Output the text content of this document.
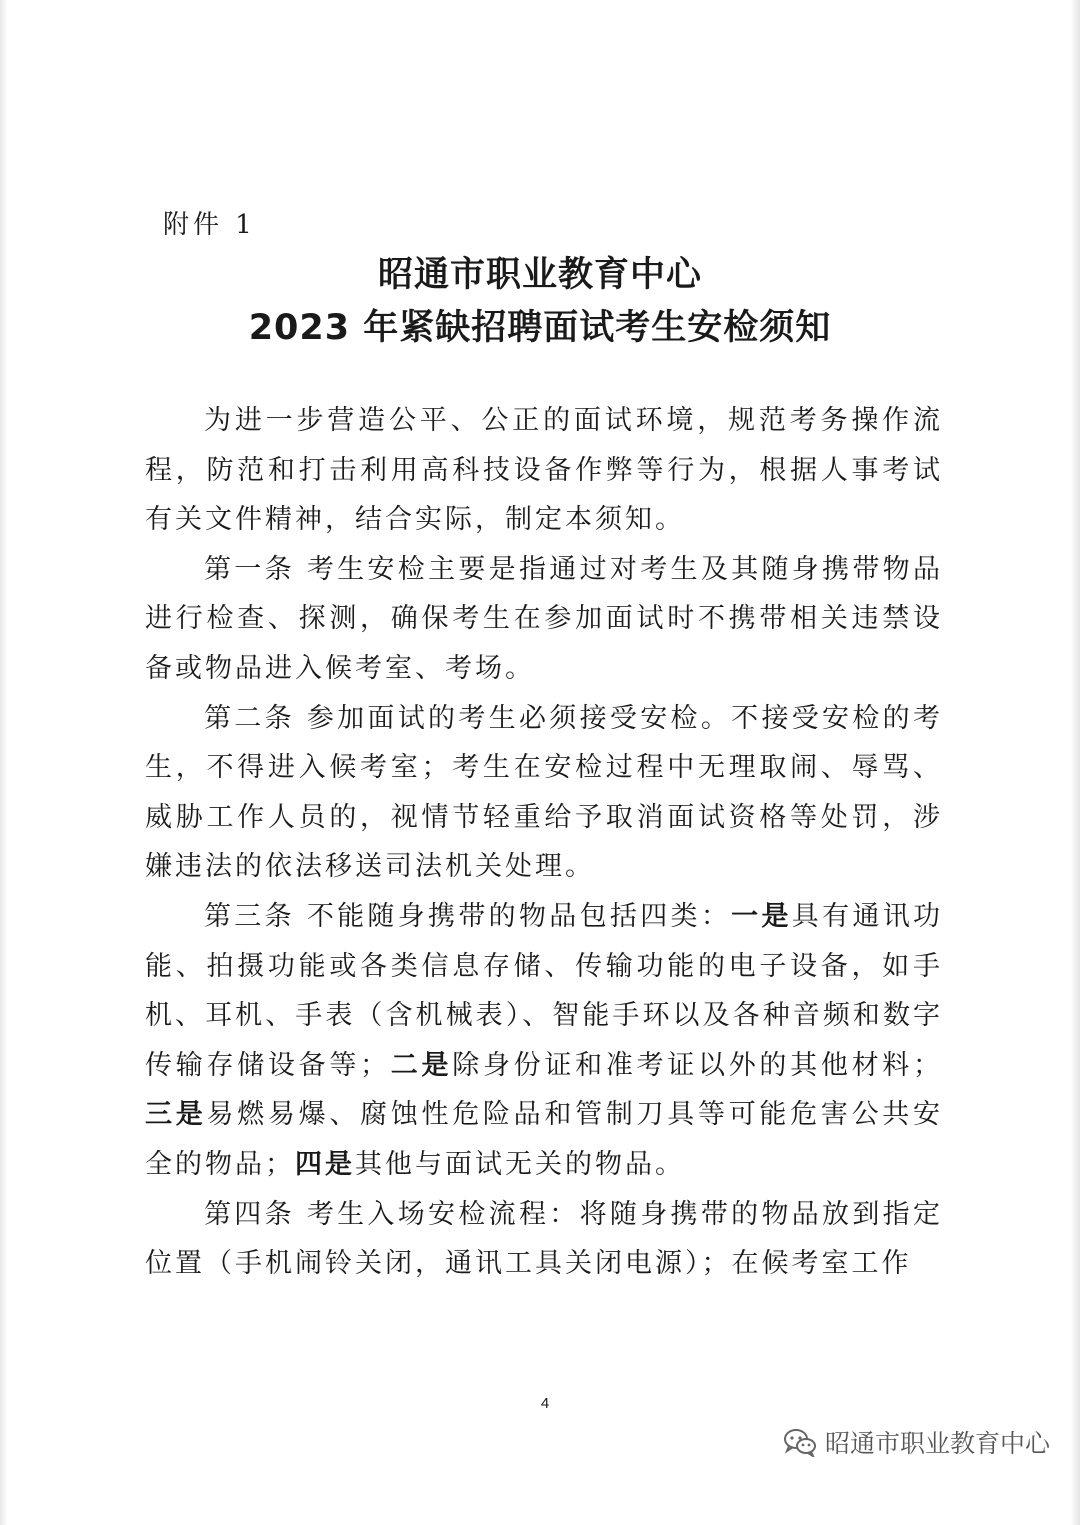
附件 1
昭通市职业教育中心
2023 年紧缺招聘面试考生安检须知

为进一步营造公平、公正的面试环境，规范考务操作流程，防范和打击利用高科技设备作弊等行为，根据人事考试有关文件精神，结合实际，制定本须知。

第一条 考生安检主要是指通过对考生及其随身携带物品进行检查、探测，确保考生在参加面试时不携带相关违禁设备或物品进入候考室、考场。

第二条 参加面试的考生必须接受安检。不接受安检的考生，不得进入候考室；考生在安检过程中无理取闹、辱骂、威胁工作人员的，视情节轻重给予取消面试资格等处罚，涉嫌违法的依法移送司法机关处理。

第三条 不能随身携带的物品包括四类：一是具有通讯功能、拍摄功能或各类信息存储、传输功能的电子设备，如手机、耳机、手表（含机械表）、智能手环以及各种音频和数字传输存储设备等；二是除身份证和准考证以外的其他材料；三是易燃易爆、腐蚀性危险品和管制刀具等可能危害公共安全的物品；四是其他与面试无关的物品。

第四条 考生入场安检流程：将随身携带的物品放到指定位置（手机闹铃关闭，通讯工具关闭电源）；在候考室工作

4
昭通市职业教育中心
